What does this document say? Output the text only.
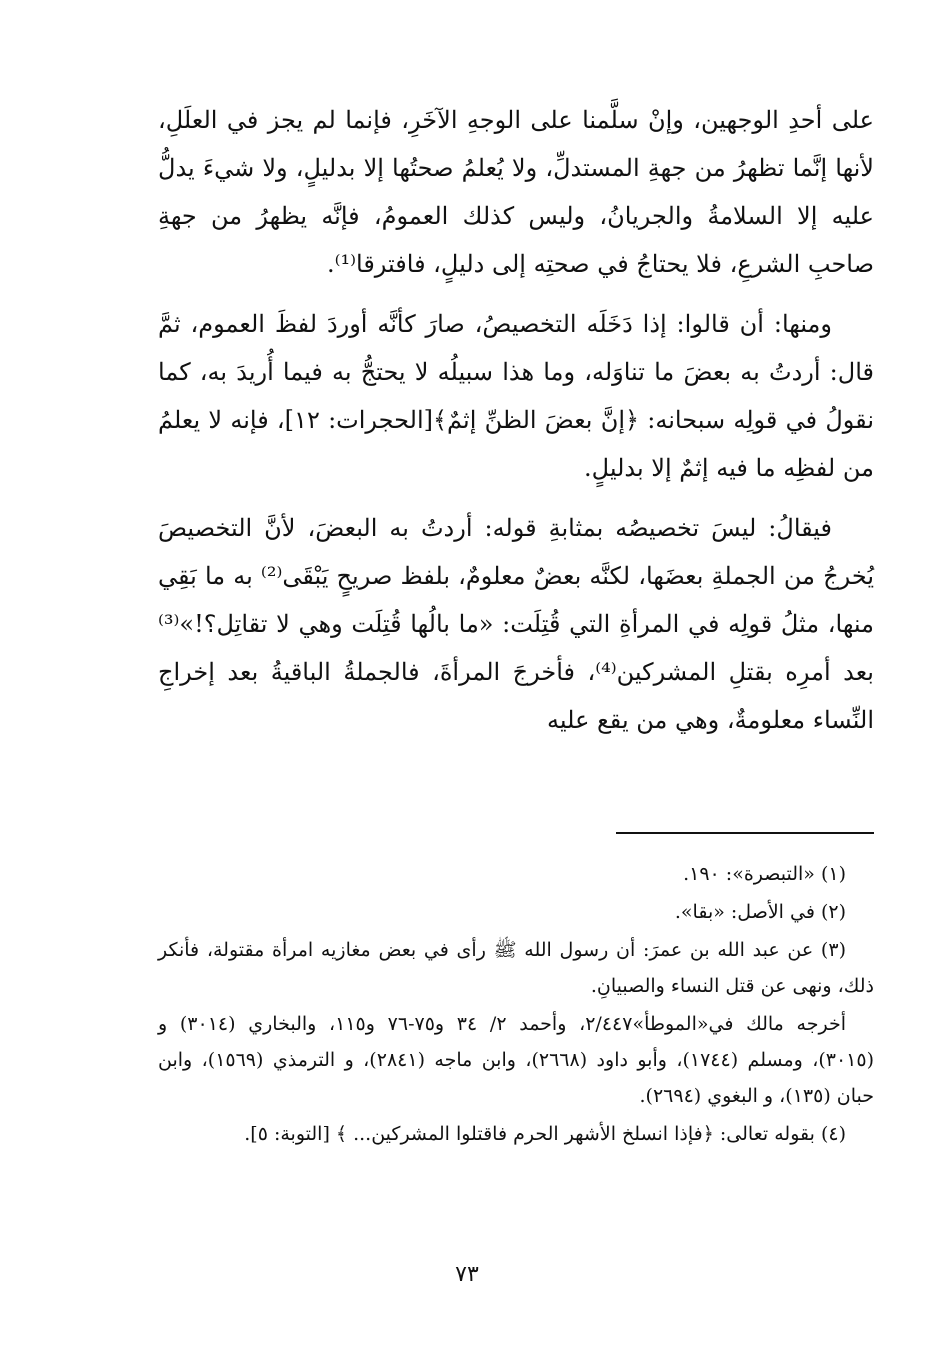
على أحدِ الوجهين، وإنْ سلَّمنا على الوجهِ الآخَرِ، فإنما لم يجز في العلَلِ، لأنها إنَّما تظهرُ من جهةِ المستدلِّ، ولا يُعلمُ صحتُها إلا بدليلٍ، ولا شيءَ يدلُّ عليه إلا السلامةُ والجريانُ، وليس كذلك العمومُ، فإنَّه يظهرُ من جهةِ صاحبِ الشرعِ، فلا يحتاجُ في صحتِه إلى دليلٍ، فافترقا⁽¹⁾.

ومنها: أن قالوا: إذا دَخَلَه التخصيصُ، صارَ كأنَّه أوردَ لفظَ العموم، ثمَّ قال: أردتُ به بعضَ ما تناوَله، وما هذا سبيلُه لا يحتجُّ به فيما أُريدَ به، كما نقولُ في قولِه سبحانه: ﴿إنَّ بعضَ الظنِّ إثمٌ﴾[الحجرات: ١٢]، فإنه لا يعلمُ من لفظِه ما فيه إثمٌ إلا بدليلٍ.

فيقالُ: ليسَ تخصيصُه بمثابةِ قوله: أردتُ به البعضَ، لأنَّ التخصيصَ يُخرجُ من الجملةِ بعضَها، لكنَّه بعضٌ معلومٌ، بلفظ صريحٍ يَبْقَى⁽²⁾ به ما بَقِي منها، مثلُ قولِه في المرأةِ التي قُتِلَت: «ما بالُها قُتِلَت وهي لا تقاتِل؟!»⁽³⁾ بعد أمرِه بقتلِ المشركين⁽⁴⁾، فأخرجَ المرأةَ، فالجملةُ الباقيةُ بعد إخراجِ النِّساء معلومةٌ، وهي من يقع عليه

(١) «التبصرة»: ١٩٠.

(٢) في الأصل: «بقا».

(٣) عن عبد الله بن عمرَ: أن رسول الله ﷺ رأى في بعض مغازيه امرأة مقتولة، فأنكر ذلك، ونهى عن قتل النساء والصبيانِ.

أخرجه مالك في«الموطأ»٢/٤٤٧، وأحمد ٢/ ٣٤ و٧٥-٧٦ و١١٥، والبخاري (٣٠١٤) و (٣٠١٥)، ومسلم (١٧٤٤)، وأبو داود (٢٦٦٨)، وابن ماجه (٢٨٤١)، و الترمذي (١٥٦٩)، وابن حبان (١٣٥)، و البغوي (٢٦٩٤).

(٤) بقوله تعالى: ﴿فإذا انسلخ الأشهر الحرم فاقتلوا المشركين... ﴾ [التوبة: ٥].

٧٣
